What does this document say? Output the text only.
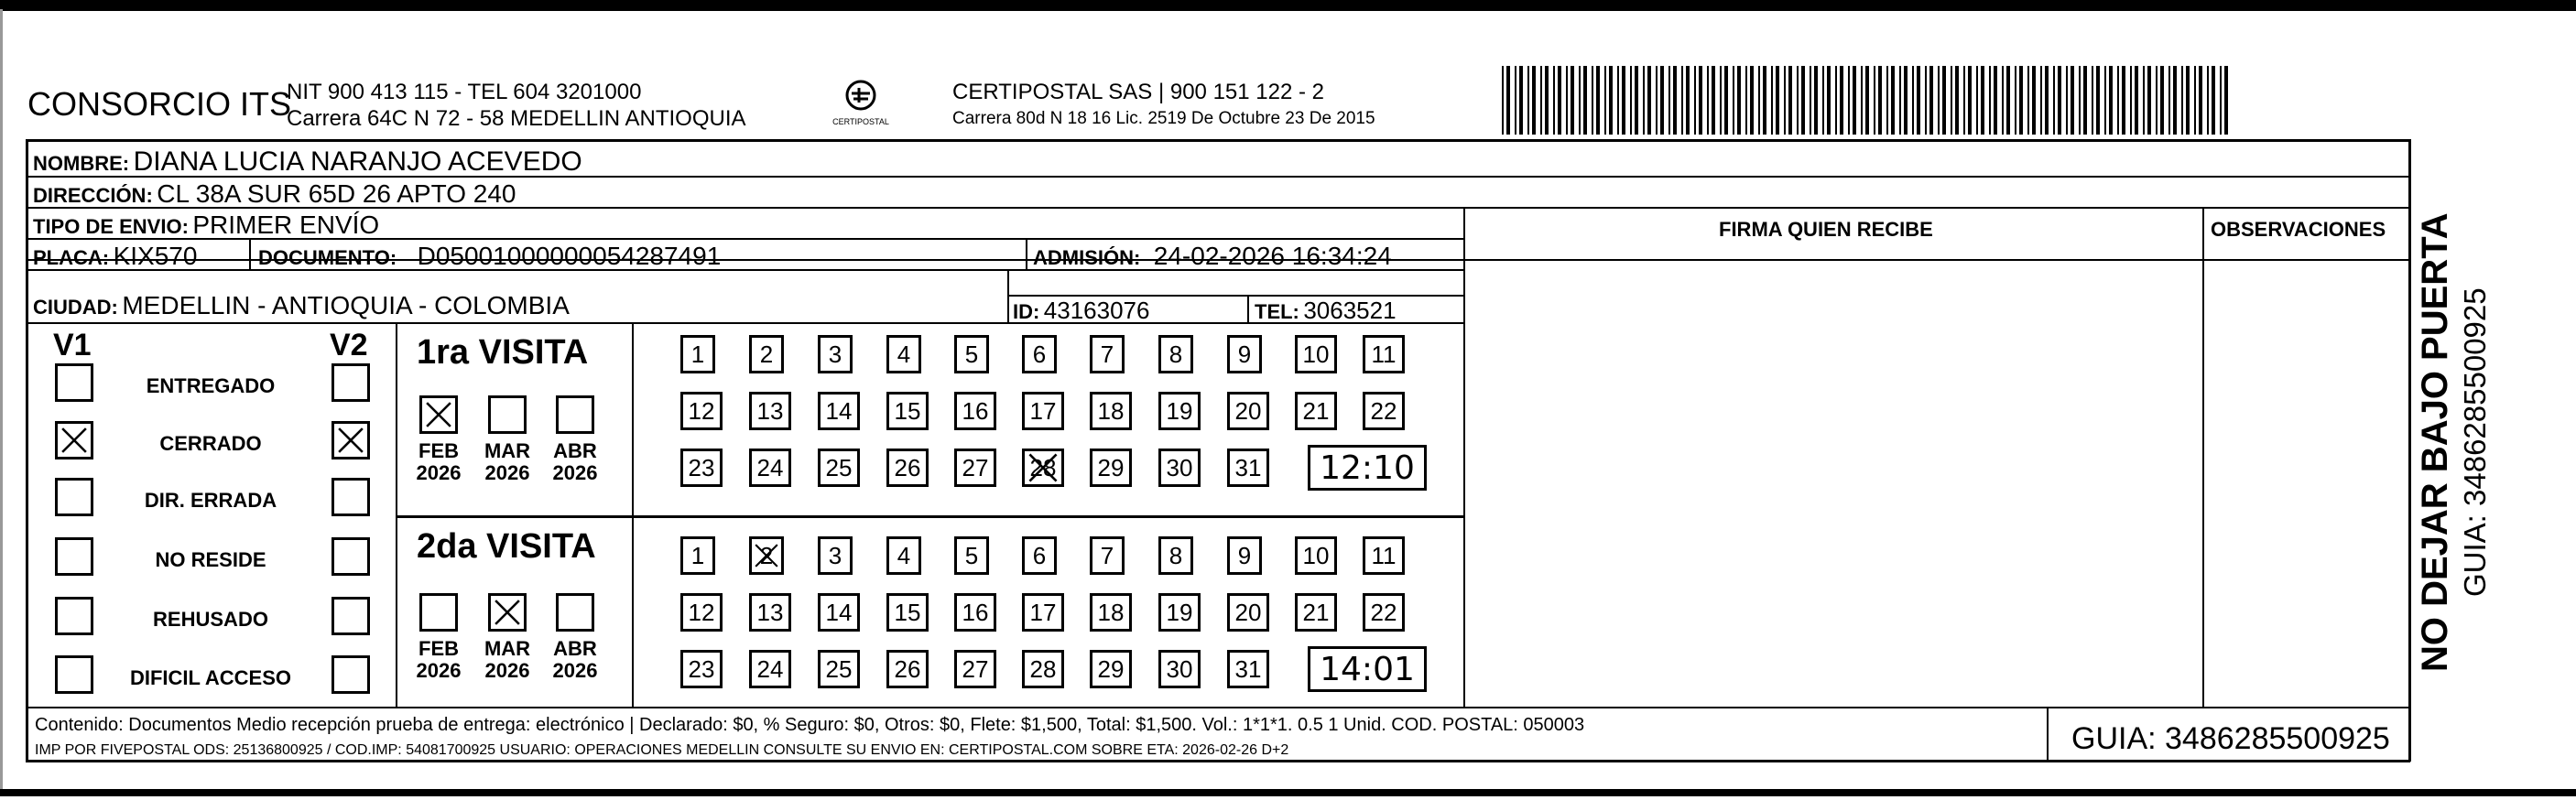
CONSORCIO ITS
NIT 900 413 115 - TEL 604 3201000
Carrera 64C N 72 - 58 MEDELLIN ANTIOQUIA	CERTIPOSTAL
CERTIPOSTAL SAS | 900 151 122 - 2
Carrera 80d N 18 16 Lic. 2519 De Octubre 23 De 2015
NOMBRE: DIANA LUCIA NARANJO ACEVEDO
DIRECCIÓN: CL 38A SUR 65D 26 APTO 240
TIPO DE ENVIO: PRIMER ENVÍO	FIRMA QUIEN RECIBE	OBSERVACIONES
PLACA: KIX570	DOCUMENTO: D05001000000054287491	ADMISIÓN: 24-02-2026 16:34:24
CIUDAD: MEDELLIN - ANTIOQUIA - COLOMBIA	ID: 43163076	TEL: 3063521
V1	V2 1ra VISITA
2da VISITA
Contenido: Documentos Medio recepción prueba de entrega: electrónico | Declarado: $0, % Seguro: $0, Otros: $0, Flete: $1,500, Total: $1,500. Vol.: 1*1*1. 0.5 1 Unid. COD. POSTAL: 050003
IMP POR FIVEPOSTAL ODS: 25136800925 / COD.IMP: 54081700925 USUARIO: OPERACIONES MEDELLIN CONSULTE SU ENVIO EN: CERTIPOSTAL.COM SOBRE ETA: 2026-02-26 D+2	GUIA: 3486285500925
NO DEJAR BAJO PUERTA GUIA: 3486285500925
ENTREGADO
CERRADO
DIR. ERRADA
NO RESIDE
REHUSADO
DIFICIL ACCESO
FEB
2026
MAR
2026
ABR
2026
FEB
2026
MAR
2026
ABR
2026
1	2	3	4	5	6	7	8	9	10	11
12	13	14	15	16	17	18	19	20	21	22
23	24	25	26	27	28	29	30	31	12:10
1	2	3	4	5	6	7	8	9	10	11
12	13	14	15	16	17	18	19	20	21	22
23	24	25	26	27	28	29	30	31	14:01
